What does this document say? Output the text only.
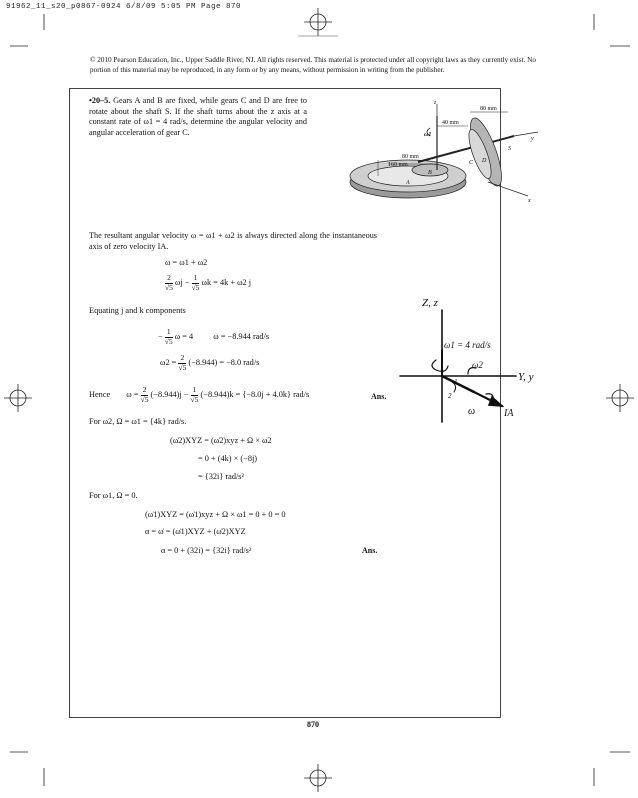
91962_11_s20_p0867-0924 6/8/09 5:05 PM Page 870
© 2010 Pearson Education, Inc., Upper Saddle River, NJ. All rights reserved. This material is protected under all copyright laws as they currently exist. No portion of this material may be reproduced, in any form or by any means, without permission in writing from the publisher.
•20–5. Gears A and B are fixed, while gears C and D are free to rotate about the shaft S. If the shaft turns about the z axis at a constant rate of ω1 = 4 rad/s, determine the angular velocity and angular acceleration of gear C.
z
80 mm
40 mm
ω1
y
S
80 mm
160 mm	C D
B
A
x
The resultant angular velocity ω = ω1 + ω2 is always directed along the instantaneous axis of zero velocity IA.
ω = ω1 + ω2
$\frac{2}{√5}$ $\omega j - \frac{1}{√5}$ ωk = 4k + ω2 j
Equating j and k components
− $\frac{1}{√5}$ ω = 4 ω = −8.944 rad/s
$\omega 2 = \frac{2}{√5} (-8.944) = -8.0$ rad/s
Hence $\omega = \frac{2}{√5} (-8.944)j - \frac{1}{√5} (-8.944)k = \{-8.0j + 4.0k\}$ rad/s	Ans.
For ω2, Ω = ω1 = {4k} rad/s.
(ω̇2)XYZ = (ω̇2)xyz + Ω × ω2
= 0 + (4k) × (−8j)
= {32i} rad/s²
For ω1, Ω = 0.
(ω̇1)XYZ = (ω̇1)xyz + Ω × ω1 = 0 + 0 = 0
α = ω̇ = (ω̇1)XYZ + (ω̇2)XYZ
α = 0 + (32i) = {32i} rad/s²	Ans.
Z, z
ω1 = 4 rad/s
ω2
Y, y
IA
ω
1
2
870
